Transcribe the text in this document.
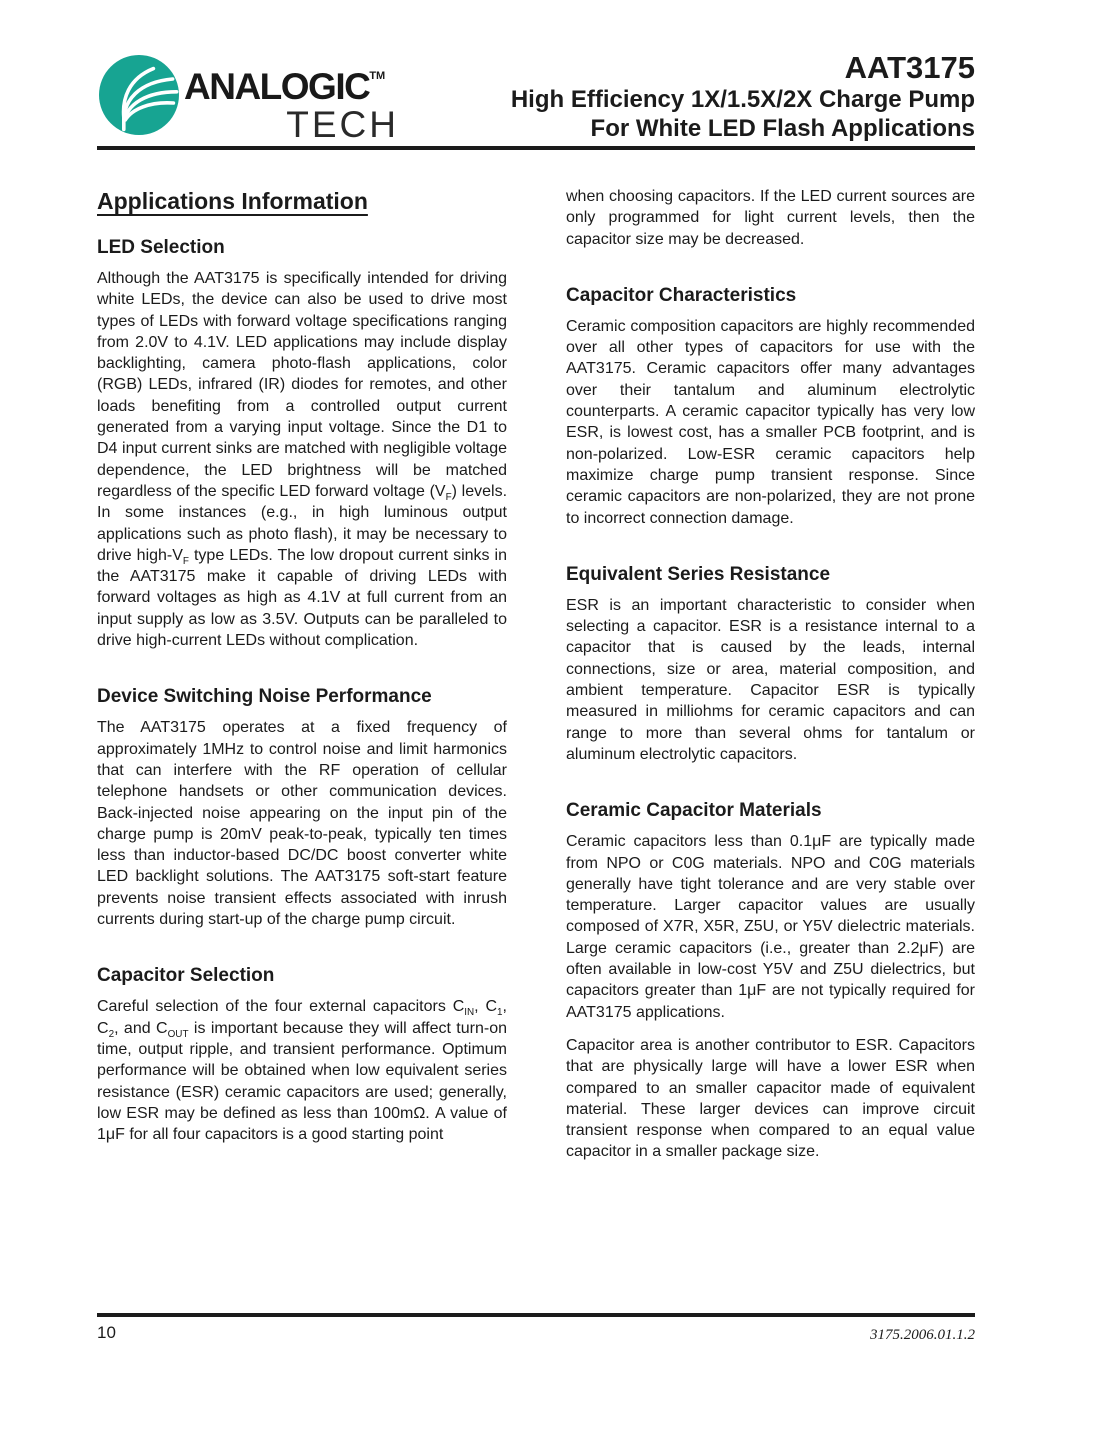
ANALOGIC™
TECH
AAT3175
High Efficiency 1X/1.5X/2X Charge Pump
For White LED Flash Applications
Applications Information
LED Selection

Although the AAT3175 is specifically intended for driving white LEDs, the device can also be used to drive most types of LEDs with forward voltage specifications ranging from 2.0V to 4.1V. LED applications may include display backlighting, camera photo-flash applications, color (RGB) LEDs, infrared (IR) diodes for remotes, and other loads benefiting from a controlled output current generated from a varying input voltage. Since the D1 to D4 input current sinks are matched with negligible voltage dependence, the LED brightness will be matched regardless of the specific LED forward voltage $(V_F)$ levels. In some instances (e.g., in high luminous output applications such as photo flash), it may be necessary to drive high-$V_F$ type LEDs. The low dropout current sinks in the AAT3175 make it capable of driving LEDs with forward voltages as high as 4.1V at full current from an input supply as low as 3.5V. Outputs can be paralleled to drive high-current LEDs without complication.

Device Switching Noise Performance

The AAT3175 operates at a fixed frequency of approximately 1MHz to control noise and limit harmonics that can interfere with the RF operation of cellular telephone handsets or other communication devices. Back-injected noise appearing on the input pin of the charge pump is 20mV peak-to-peak, typically ten times less than inductor-based DC/DC boost converter white LED backlight solutions. The AAT3175 soft-start feature prevents noise transient effects associated with inrush currents during start-up of the charge pump circuit.

Capacitor Selection

Careful selection of the four external capacitors $C_{IN}$, $C_1$, $C_2$, and $C_{OUT}$ is important because they will affect turn-on time, output ripple, and transient performance. Optimum performance will be obtained when low equivalent series resistance (ESR) ceramic capacitors are used; generally, low ESR may be defined as less than 100mΩ. A value of 1μF for all four capacitors is a good starting point

when choosing capacitors. If the LED current sources are only programmed for light current levels, then the capacitor size may be decreased.

Capacitor Characteristics

Ceramic composition capacitors are highly recommended over all other types of capacitors for use with the AAT3175. Ceramic capacitors offer many advantages over their tantalum and aluminum electrolytic counterparts. A ceramic capacitor typically has very low ESR, is lowest cost, has a smaller PCB footprint, and is non-polarized. Low-ESR ceramic capacitors help maximize charge pump transient response. Since ceramic capacitors are non-polarized, they are not prone to incorrect connection damage.

Equivalent Series Resistance

ESR is an important characteristic to consider when selecting a capacitor. ESR is a resistance internal to a capacitor that is caused by the leads, internal connections, size or area, material composition, and ambient temperature. Capacitor ESR is typically measured in milliohms for ceramic capacitors and can range to more than several ohms for tantalum or aluminum electrolytic capacitors.

Ceramic Capacitor Materials

Ceramic capacitors less than 0.1μF are typically made from NPO or C0G materials. NPO and C0G materials generally have tight tolerance and are very stable over temperature. Larger capacitor values are usually composed of X7R, X5R, Z5U, or Y5V dielectric materials. Large ceramic capacitors (i.e., greater than 2.2μF) are often available in low-cost Y5V and Z5U dielectrics, but capacitors greater than 1μF are not typically required for AAT3175 applications.

Capacitor area is another contributor to ESR. Capacitors that are physically large will have a lower ESR when compared to an smaller capacitor made of equivalent material. These larger devices can improve circuit transient response when compared to an equal value capacitor in a smaller package size.

10	3175.2006.01.1.2
